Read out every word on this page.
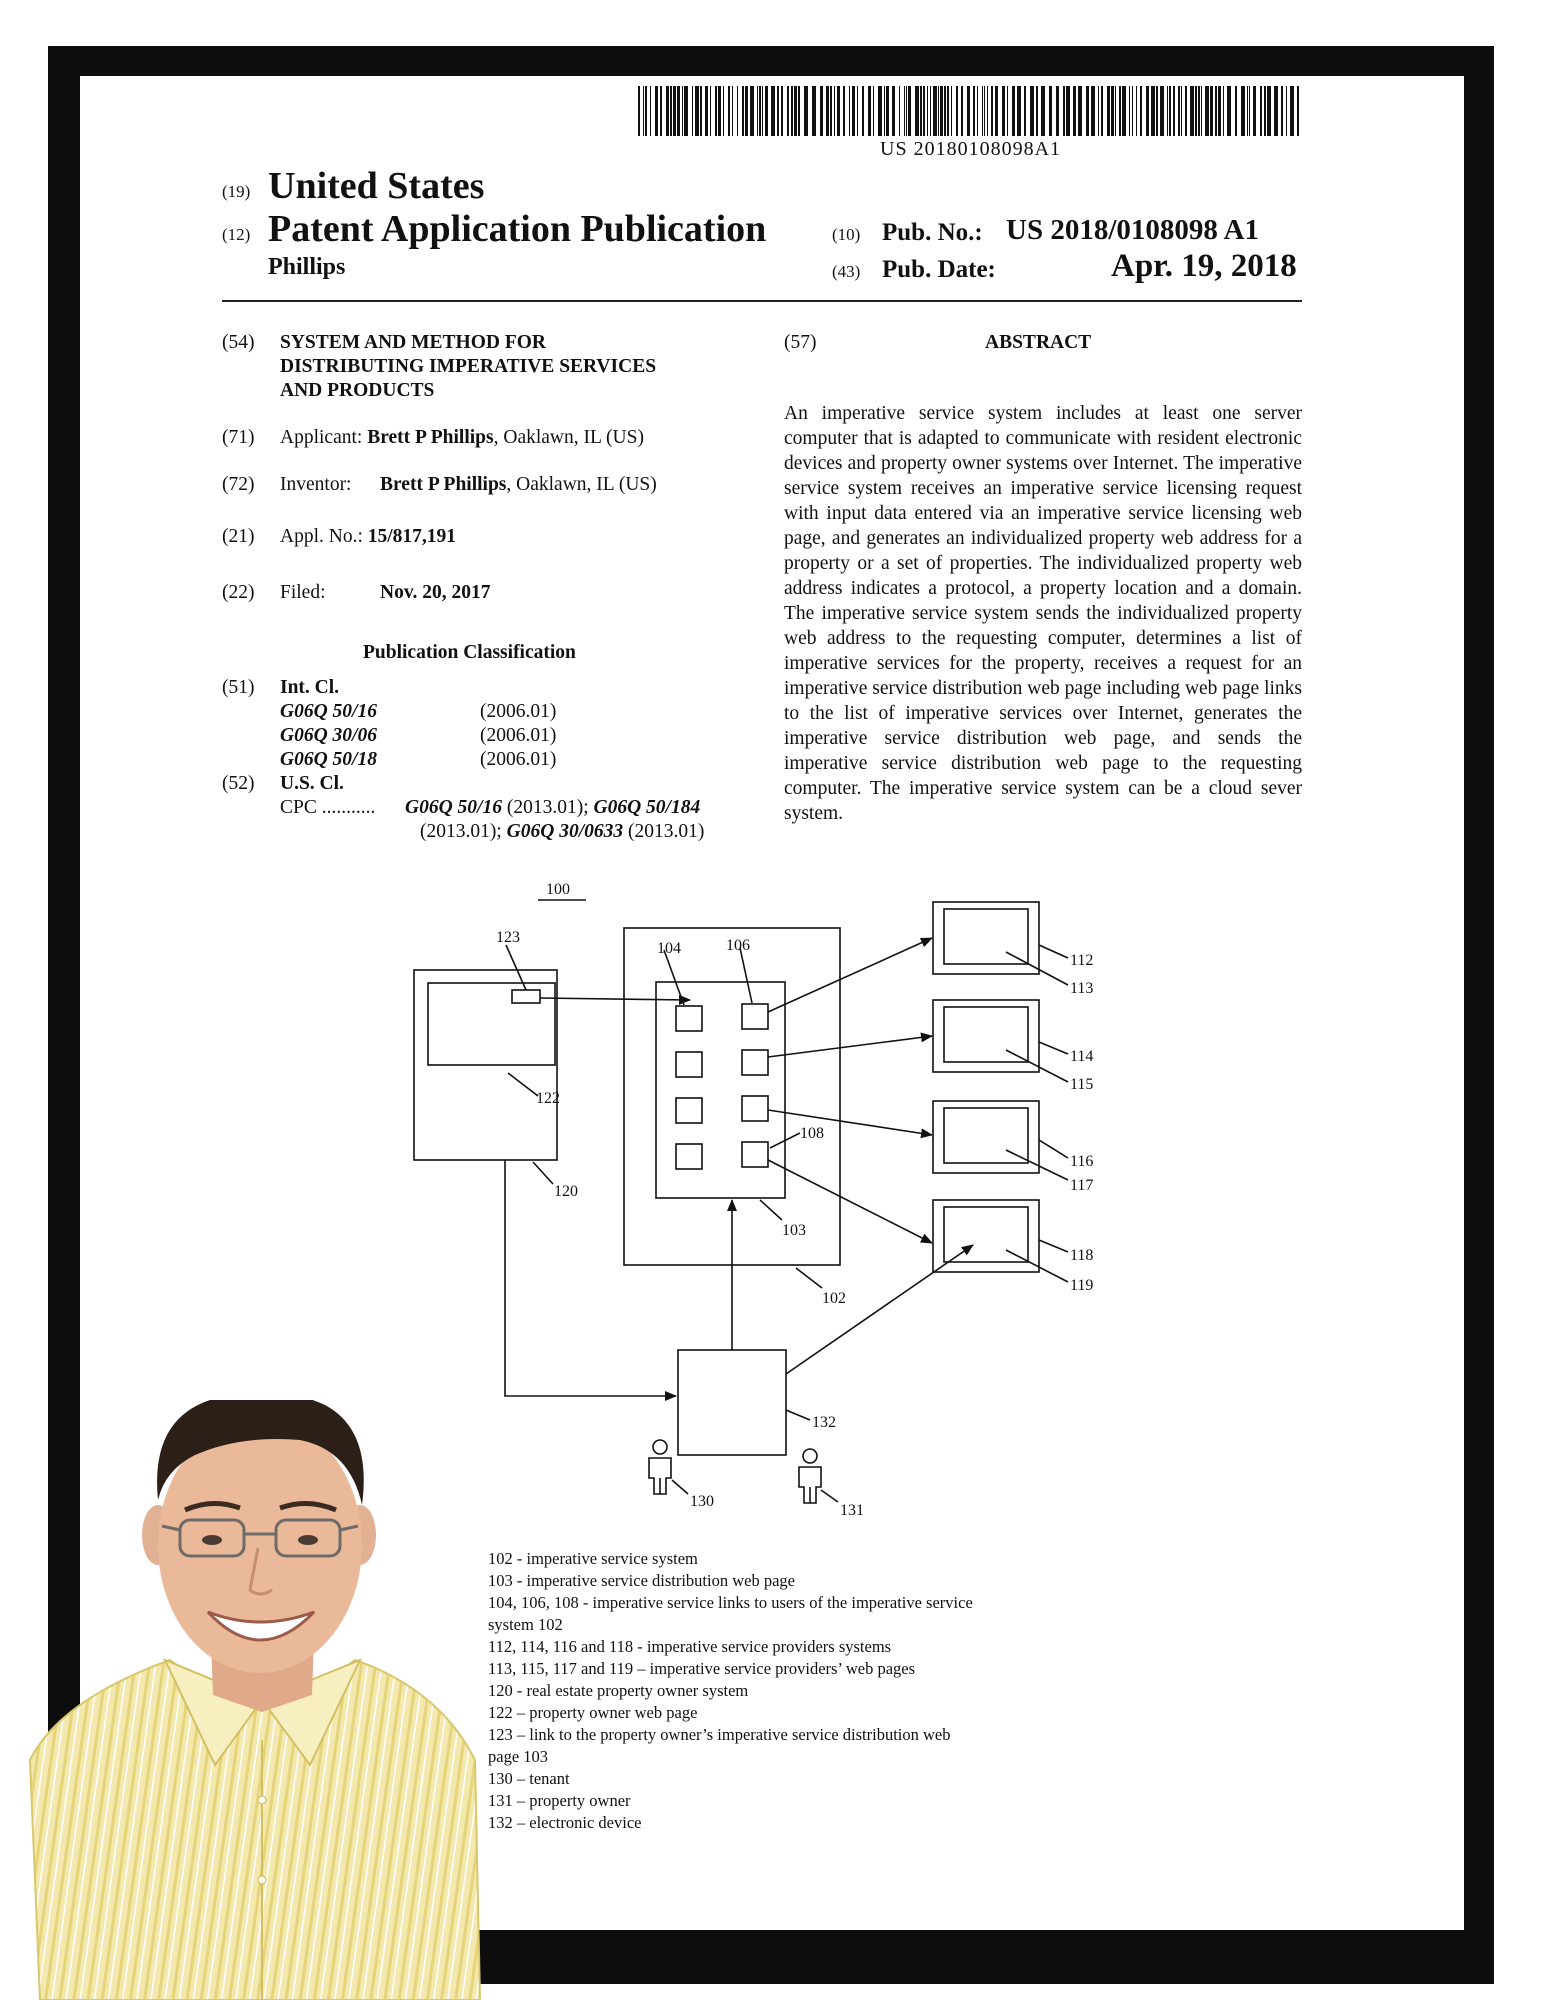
US 20180108098A1
(19) United States
(12) Patent Application Publication
Phillips
(10) Pub. No.: US 2018/0108098 A1
(43) Pub. Date:	Apr. 19, 2018
(54) SYSTEM AND METHOD FOR
DISTRIBUTING IMPERATIVE SERVICES
AND PRODUCTS
(71) Applicant: Brett P Phillips, Oaklawn, IL (US)
(72) Inventor: Brett P Phillips, Oaklawn, IL (US)
(21) Appl. No.: 15/817,191
(22) Filed:	Nov. 20, 2017
Publication Classification
(51) Int. Cl.
G06Q 50/16	(2006.01)
G06Q 30/06	(2006.01)
G06Q 50/18	(2006.01)
(52) U.S. Cl.
CPC ........... G06Q 50/16 (2013.01); G06Q 50/184
(2013.01); G06Q 30/0633 (2013.01)
(57)	ABSTRACT
An imperative service system includes at least one server computer that is adapted to communicate with resident electronic devices and property owner systems over Internet. The imperative service system receives an imperative service licensing request with input data entered via an imperative service licensing web page, and generates an individualized property web address for a property or a set of properties. The individualized property web address indicates a protocol, a property location and a domain. The imperative service system sends the individualized property web address to the requesting computer, determines a list of imperative services for the property, receives a request for an imperative service distribution web page including web page links to the list of imperative services over Internet, generates the imperative service distribution web page, and sends the imperative service distribution web page to the requesting computer. The imperative service system can be a cloud sever system.
100
123
104	106
122
108
120
103
102
112
113
114
115
116
117
118
119
132
130
131
102 - imperative service system
103 - imperative service distribution web page
104, 106, 108 - imperative service links to users of the imperative service
system 102
112, 114, 116 and 118 - imperative service providers systems
113, 115, 117 and 119 – imperative service providers’ web pages
120 - real estate property owner system
122 – property owner web page
123 – link to the property owner’s imperative service distribution web
page 103
130 – tenant
131 – property owner
132 – electronic device
